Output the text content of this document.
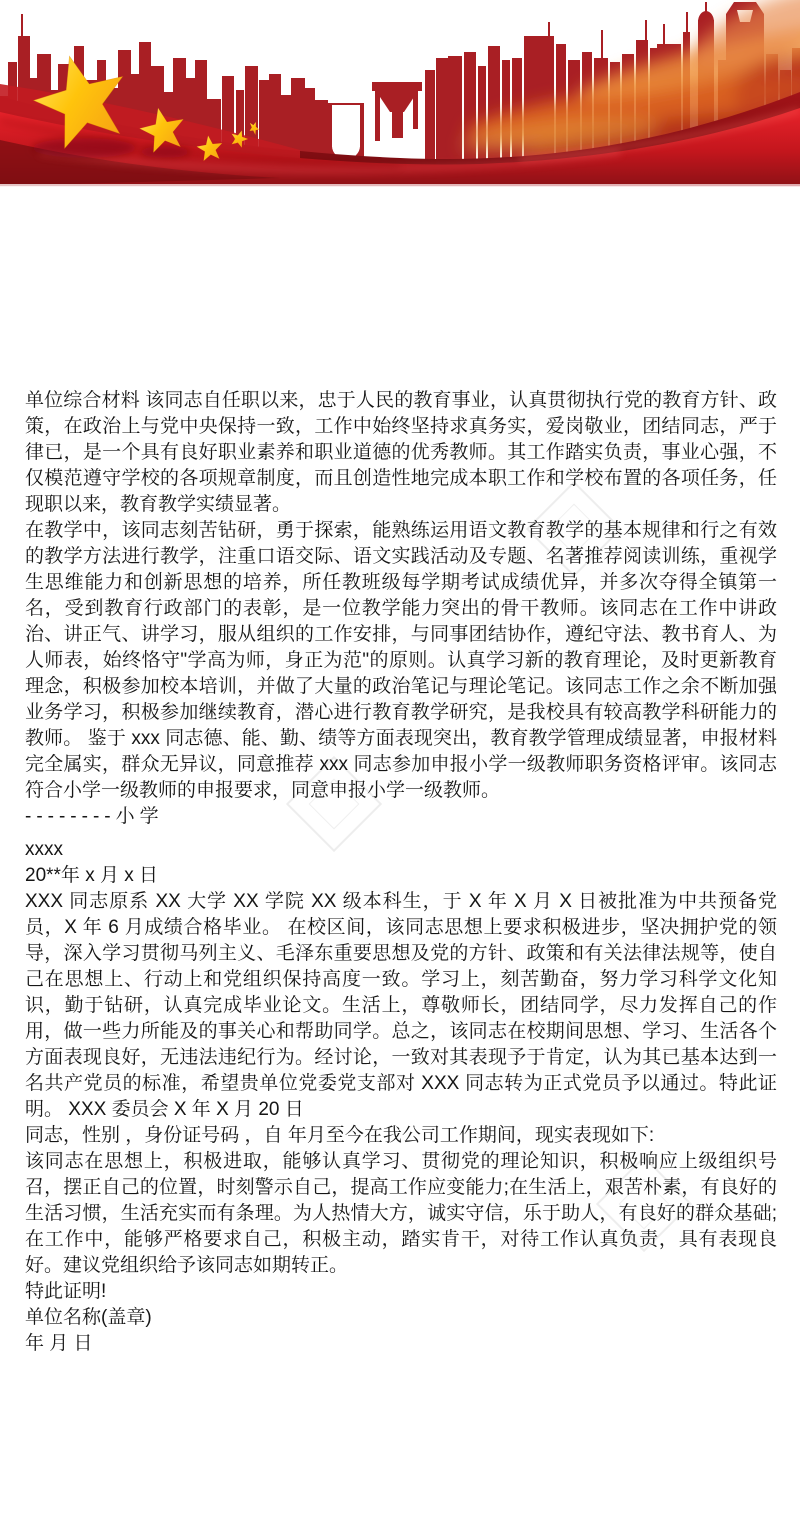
单位综合材料 该同志自任职以来，忠于人民的教育事业，认真贯彻执行党的教育方针、政策，在政治上与党中央保持一致，工作中始终坚持求真务实，爱岗敬业，团结同志，严于律已，是一个具有良好职业素养和职业道德的优秀教师。其工作踏实负责，事业心强，不仅模范遵守学校的各项规章制度，而且创造性地完成本职工作和学校布置的各项任务，任现职以来，教育教学实绩显著。

在教学中，该同志刻苦钻研，勇于探索，能熟练运用语文教育教学的基本规律和行之有效的教学方法进行教学，注重口语交际、语文实践活动及专题、名著推荐阅读训练，重视学生思维能力和创新思想的培养，所任教班级每学期考试成绩优异，并多次夺得全镇第一名，受到教育行政部门的表彰，是一位教学能力突出的骨干教师。该同志在工作中讲政治、讲正气、讲学习，服从组织的工作安排，与同事团结协作，遵纪守法、教书育人、为人师表，始终恪守"学高为师，身正为范"的原则。认真学习新的教育理论，及时更新教育理念，积极参加校本培训，并做了大量的政治笔记与理论笔记。该同志工作之余不断加强业务学习，积极参加继续教育，潜心进行教育教学研究，是我校具有较高教学科研能力的教师。 鉴于 xxx 同志德、能、勤、绩等方面表现突出，教育教学管理成绩显著，申报材料完全属实，群众无异议，同意推荐 xxx 同志参加申报小学一级教师职务资格评审。该同志符合小学一级教师的申报要求，同意申报小学一级教师。

--------小学

xxxx

20**年 x 月 x 日

XXX 同志原系 XX 大学 XX 学院 XX 级本科生，于 X 年 X 月 X 日被批准为中共预备党员，X 年 6 月成绩合格毕业。 在校区间，该同志思想上要求积极进步，坚决拥护党的领导，深入学习贯彻马列主义、毛泽东重要思想及党的方针、政策和有关法律法规等，使自己在思想上、行动上和党组织保持高度一致。学习上，刻苦勤奋，努力学习科学文化知识，勤于钻研，认真完成毕业论文。生活上，尊敬师长，团结同学，尽力发挥自己的作用，做一些力所能及的事关心和帮助同学。总之，该同志在校期间思想、学习、生活各个方面表现良好，无违法违纪行为。经讨论，一致对其表现予于肯定，认为其已基本达到一名共产党员的标准，希望贵单位党委党支部对 XXX 同志转为正式党员予以通过。特此证明。 XXX 委员会 X 年 X 月 20 日

同志，性别 ，身份证号码 ，自 年月至今在我公司工作期间，现实表现如下:

该同志在思想上，积极进取，能够认真学习、贯彻党的理论知识，积极响应上级组织号召，摆正自己的位置，时刻警示自己，提高工作应变能力;在生活上，艰苦朴素，有良好的生活习惯，生活充实而有条理。为人热情大方，诚实守信，乐于助人，有良好的群众基础;在工作中，能够严格要求自己，积极主动，踏实肯干，对待工作认真负责，具有表现良好。建议党组织给予该同志如期转正。

特此证明!

单位名称(盖章)

年 月 日
